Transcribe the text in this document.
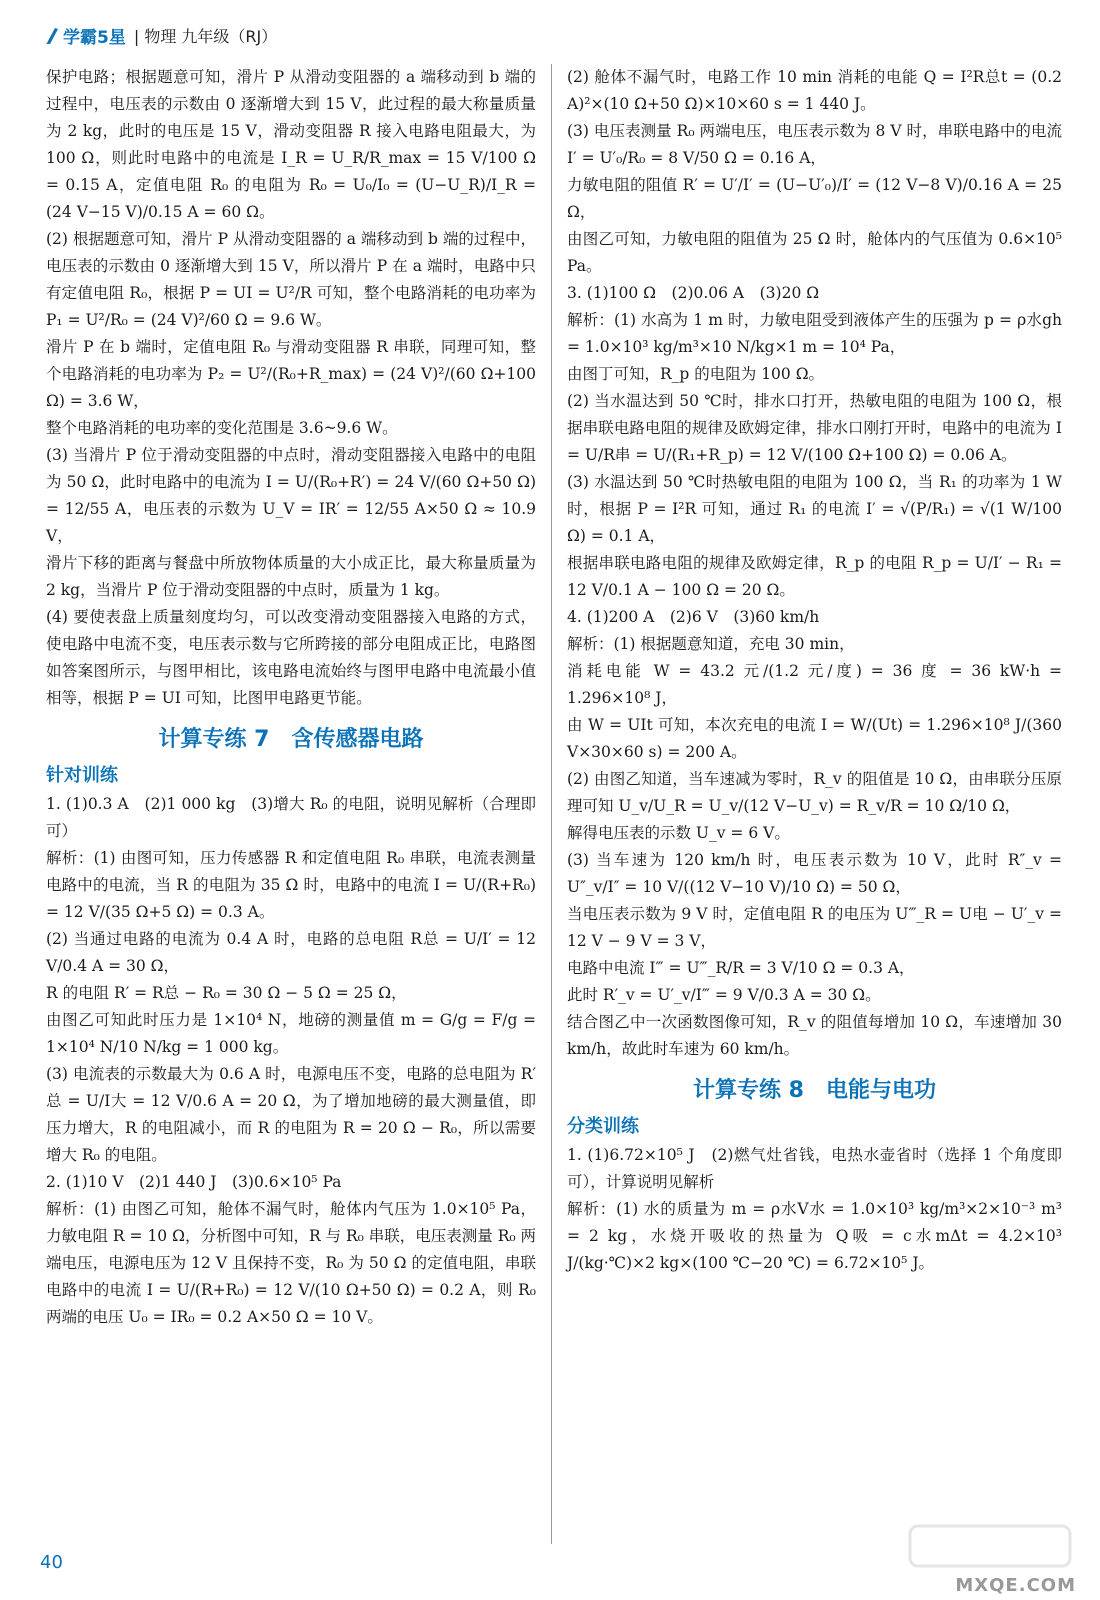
学霸5星 | 物理 九年级（RJ）

保护电路；根据题意可知，滑片 P 从滑动变阻器的 a 端移动到 b 端的过程中，电压表的示数由 0 逐渐增大到 15 V，此过程的最大称量质量为 2 kg，此时的电压是 15 V，滑动变阻器 R 接入电路电阻最大，为 100 Ω，则此时电路中的电流是 I_R = U_R/R_max = 15 V/100 Ω = 0.15 A，定值电阻 R₀ 的电阻为 R₀ = U₀/I₀ = (U−U_R)/I_R = (24 V−15 V)/0.15 A = 60 Ω。

(2) 根据题意可知，滑片 P 从滑动变阻器的 a 端移动到 b 端的过程中，电压表的示数由 0 逐渐增大到 15 V，所以滑片 P 在 a 端时，电路中只有定值电阻 R₀，根据 P = UI = U²/R 可知，整个电路消耗的电功率为 P₁ = U²/R₀ = (24 V)²/60 Ω = 9.6 W。

滑片 P 在 b 端时，定值电阻 R₀ 与滑动变阻器 R 串联，同理可知，整个电路消耗的电功率为 P₂ = U²/(R₀+R_max) = (24 V)²/(60 Ω+100 Ω) = 3.6 W，

整个电路消耗的电功率的变化范围是 3.6~9.6 W。

(3) 当滑片 P 位于滑动变阻器的中点时，滑动变阻器接入电路中的电阻为 50 Ω，此时电路中的电流为 I = U/(R₀+R′) = 24 V/(60 Ω+50 Ω) = 12/55 A，电压表的示数为 U_V = IR′ = 12/55 A×50 Ω ≈ 10.9 V，

滑片下移的距离与餐盘中所放物体质量的大小成正比，最大称量质量为 2 kg，当滑片 P 位于滑动变阻器的中点时，质量为 1 kg。

(4) 要使表盘上质量刻度均匀，可以改变滑动变阻器接入电路的方式，使电路中电流不变，电压表示数与它所跨接的部分电阻成正比，电路图如答案图所示，与图甲相比，该电路电流始终与图甲电路中电流最小值相等，根据 P = UI 可知，比图甲电路更节能。

计算专练 7　含传感器电路
针对训练

1. (1)0.3 A　(2)1 000 kg　(3)增大 R₀ 的电阻，说明见解析（合理即可）

解析：(1) 由图可知，压力传感器 R 和定值电阻 R₀ 串联，电流表测量电路中的电流，当 R 的电阻为 35 Ω 时，电路中的电流 I = U/(R+R₀) = 12 V/(35 Ω+5 Ω) = 0.3 A。

(2) 当通过电路的电流为 0.4 A 时，电路的总电阻 R总 = U/I′ = 12 V/0.4 A = 30 Ω，

R 的电阻 R′ = R总 − R₀ = 30 Ω − 5 Ω = 25 Ω，

由图乙可知此时压力是 1×10⁴ N，地磅的测量值 m = G/g = F/g = 1×10⁴ N/10 N/kg = 1 000 kg。

(3) 电流表的示数最大为 0.6 A 时，电源电压不变，电路的总电阻为 R′总 = U/I大 = 12 V/0.6 A = 20 Ω，为了增加地磅的最大测量值，即压力增大，R 的电阻减小，而 R 的电阻为 R = 20 Ω − R₀，所以需要增大 R₀ 的电阻。

2. (1)10 V　(2)1 440 J　(3)0.6×10⁵ Pa

解析：(1) 由图乙可知，舱体不漏气时，舱体内气压为 1.0×10⁵ Pa，力敏电阻 R = 10 Ω，分析图中可知，R 与 R₀ 串联，电压表测量 R₀ 两端电压，电源电压为 12 V 且保持不变，R₀ 为 50 Ω 的定值电阻，串联电路中的电流 I = U/(R+R₀) = 12 V/(10 Ω+50 Ω) = 0.2 A，则 R₀ 两端的电压 U₀ = IR₀ = 0.2 A×50 Ω = 10 V。

(2) 舱体不漏气时，电路工作 10 min 消耗的电能 Q = I²R总t = (0.2 A)²×(10 Ω+50 Ω)×10×60 s = 1 440 J。

(3) 电压表测量 R₀ 两端电压，电压表示数为 8 V 时，串联电路中的电流 I′ = U′₀/R₀ = 8 V/50 Ω = 0.16 A，

力敏电阻的阻值 R′ = U′/I′ = (U−U′₀)/I′ = (12 V−8 V)/0.16 A = 25 Ω，

由图乙可知，力敏电阻的阻值为 25 Ω 时，舱体内的气压值为 0.6×10⁵ Pa。

3. (1)100 Ω　(2)0.06 A　(3)20 Ω

解析：(1) 水高为 1 m 时，力敏电阻受到液体产生的压强为 p = ρ水gh = 1.0×10³ kg/m³×10 N/kg×1 m = 10⁴ Pa，

由图丁可知，R_p 的电阻为 100 Ω。

(2) 当水温达到 50 ℃时，排水口打开，热敏电阻的电阻为 100 Ω，根据串联电路电阻的规律及欧姆定律，排水口刚打开时，电路中的电流为 I = U/R串 = U/(R₁+R_p) = 12 V/(100 Ω+100 Ω) = 0.06 A。

(3) 水温达到 50 ℃时热敏电阻的电阻为 100 Ω，当 R₁ 的功率为 1 W 时，根据 P = I²R 可知，通过 R₁ 的电流 I′ = √(P/R₁) = √(1 W/100 Ω) = 0.1 A，

根据串联电路电阻的规律及欧姆定律，R_p 的电阻 R_p = U/I′ − R₁ = 12 V/0.1 A − 100 Ω = 20 Ω。

4. (1)200 A　(2)6 V　(3)60 km/h

解析：(1) 根据题意知道，充电 30 min，

消耗电能 W = 43.2 元/(1.2 元/度) = 36 度 = 36 kW·h = 1.296×10⁸ J，

由 W = UIt 可知，本次充电的电流 I = W/(Ut) = 1.296×10⁸ J/(360 V×30×60 s) = 200 A。

(2) 由图乙知道，当车速减为零时，R_v 的阻值是 10 Ω，由串联分压原理可知 U_v/U_R = U_v/(12 V−U_v) = R_v/R = 10 Ω/10 Ω，

解得电压表的示数 U_v = 6 V。

(3) 当车速为 120 km/h 时，电压表示数为 10 V，此时 R″_v = U″_v/I″ = 10 V/((12 V−10 V)/10 Ω) = 50 Ω，

当电压表示数为 9 V 时，定值电阻 R 的电压为 U‴_R = U电 − U′_v = 12 V − 9 V = 3 V，

电路中电流 I‴ = U‴_R/R = 3 V/10 Ω = 0.3 A，

此时 R′_v = U′_v/I‴ = 9 V/0.3 A = 30 Ω。

结合图乙中一次函数图像可知，R_v 的阻值每增加 10 Ω，车速增加 30 km/h，故此时车速为 60 km/h。

计算专练 8　电能与电功
分类训练

1. (1)6.72×10⁵ J　(2)燃气灶省钱，电热水壶省时（选择 1 个角度即可），计算说明见解析

解析：(1) 水的质量为 m = ρ水V水 = 1.0×10³ kg/m³×2×10⁻³ m³ = 2 kg，水烧开吸收的热量为 Q吸 = c水mΔt = 4.2×10³ J/(kg·℃)×2 kg×(100 ℃−20 ℃) = 6.72×10⁵ J。

40
MXQE.COM
